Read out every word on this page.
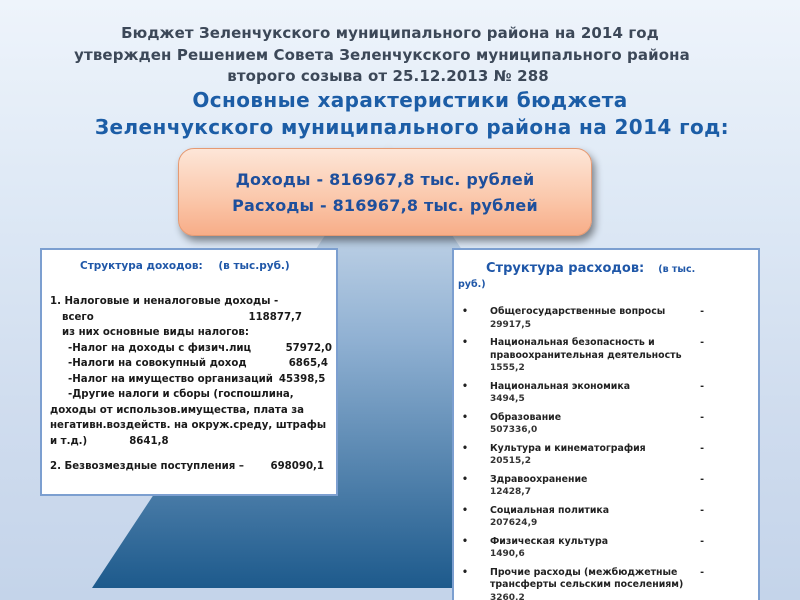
Бюджет Зеленчукского муниципального района на 2014 год
утвержден Решением Совета Зеленчукского муниципального района
второго созыва от 25.12.2013 № 288
Основные характеристики бюджета
Зеленчукского муниципального района на 2014 год:
Доходы - 816967,8 тыс. рублей
Расходы - 816967,8 тыс. рублей
Структура доходов: (в тыс.руб.)
1. Налоговые и неналоговые доходы -
всего	118877,7
из них основные виды налогов:
-Налог на доходы с физич.лиц	57972,0
-Налоги на совокупный доход	6865,4
-Налог на имущество организаций 45398,5
-Другие налоги и сборы (госпошлина,
доходы от использов.имущества, плата за
негативн.воздейств. на окруж.среду, штрафы
и т.д.)	8641,8
2. Безвозмездные поступления –	698090,1
Структура расходов: (в тыс.
руб.)
• Общегосударственные вопросы	-
29917,5
• Национальная безопасность и правоохранительная деятельность
-
1555,2
• Национальная экономика	-
3494,5
• Образование	-
507336,0
• Культура и кинематография	-
20515,2
• Здравоохранение	-
12428,7
• Социальная политика	-
207624,9
• Физическая культура	-
1490,6
• Прочие расходы (межбюджетные трансферты сельским поселениям)
-
3260,2
